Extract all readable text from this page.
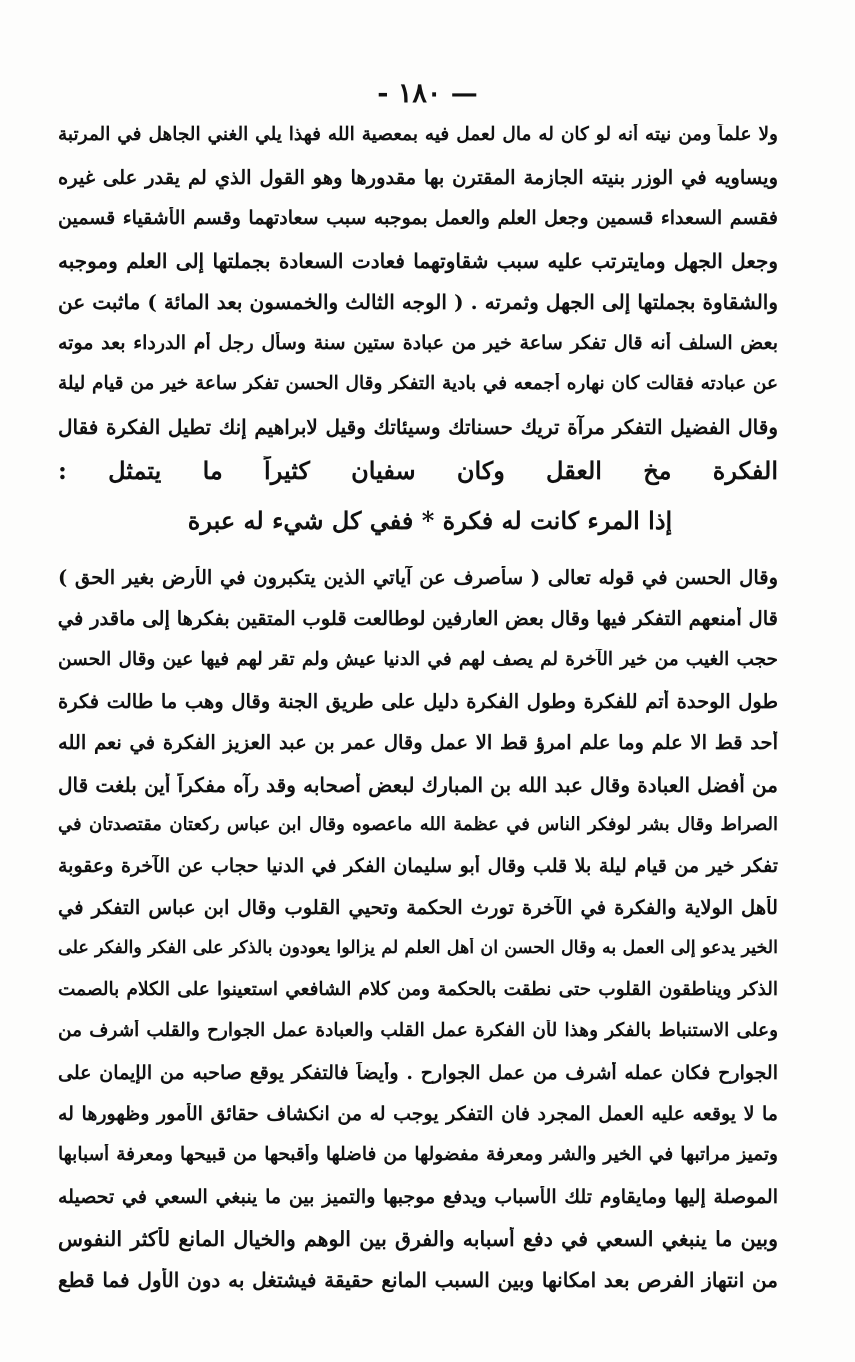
— ١٨٠ -
ولا علماً ومن نيته أنه لو كان له مال لعمل فيه بمعصية الله فهذا يلي الغني الجاهل في المرتبة
ويساويه في الوزر بنيته الجازمة المقترن بها مقدورها وهو القول الذي لم يقدر على غيره
فقسم السعداء قسمين وجعل العلم والعمل بموجبه سبب سعادتهما وقسم الأشقياء قسمين
وجعل الجهل ومايترتب عليه سبب شقاوتهما فعادت السعادة بجملتها إلى العلم وموجبه
والشقاوة بجملتها إلى الجهل وثمرته . ( الوجه الثالث والخمسون بعد المائة ) ماثبت عن
بعض السلف أنه قال تفكر ساعة خير من عبادة ستين سنة وسأل رجل أم الدرداء بعد موته
عن عبادته فقالت كان نهاره أجمعه في بادية التفكر وقال الحسن تفكر ساعة خير من قيام ليلة
وقال الفضيل التفكر مرآة تريك حسناتك وسيئاتك وقيل لابراهيم إنك تطيل الفكرة فقال
الفكرة مخ العقل وكان سفيان كثيراً ما يتمثل :
إذا المرء كانت له فكرة * ففي كل شيء له عبرة
وقال الحسن في قوله تعالى ( سأصرف عن آياتي الذين يتكبرون في الأرض بغير الحق )
قال أمنعهم التفكر فيها وقال بعض العارفين لوطالعت قلوب المتقين بفكرها إلى ماقدر في
حجب الغيب من خير الآخرة لم يصف لهم في الدنيا عيش ولم تقر لهم فيها عين وقال الحسن
طول الوحدة أتم للفكرة وطول الفكرة دليل على طريق الجنة وقال وهب ما طالت فكرة
أحد قط الا علم وما علم امرؤ قط الا عمل وقال عمر بن عبد العزيز الفكرة في نعم الله
من أفضل العبادة وقال عبد الله بن المبارك لبعض أصحابه وقد رآه مفكراً أين بلغت قال
الصراط وقال بشر لوفكر الناس في عظمة الله ماعصوه وقال ابن عباس ركعتان مقتصدتان في
تفكر خير من قيام ليلة بلا قلب وقال أبو سليمان الفكر في الدنيا حجاب عن الآخرة وعقوبة
لأهل الولاية والفكرة في الآخرة تورث الحكمة وتحيي القلوب وقال ابن عباس التفكر في
الخير يدعو إلى العمل به وقال الحسن ان أهل العلم لم يزالوا يعودون بالذكر على الفكر والفكر على
الذكر ويناطقون القلوب حتى نطقت بالحكمة ومن كلام الشافعي استعينوا على الكلام بالصمت
وعلى الاستنباط بالفكر وهذا لأن الفكرة عمل القلب والعبادة عمل الجوارح والقلب أشرف من
الجوارح فكان عمله أشرف من عمل الجوارح . وأيضاً فالتفكر يوقع صاحبه من الإيمان على
ما لا يوقعه عليه العمل المجرد فان التفكر يوجب له من انكشاف حقائق الأمور وظهورها له
وتميز مراتبها في الخير والشر ومعرفة مفضولها من فاضلها وأقبحها من قبيحها ومعرفة أسبابها
الموصلة إليها ومايقاوم تلك الأسباب ويدفع موجبها والتميز بين ما ينبغي السعي في تحصيله
وبين ما ينبغي السعي في دفع أسبابه والفرق بين الوهم والخيال المانع لأكثر النفوس
من انتهاز الفرص بعد امكانها وبين السبب المانع حقيقة فيشتغل به دون الأول فما قطع
